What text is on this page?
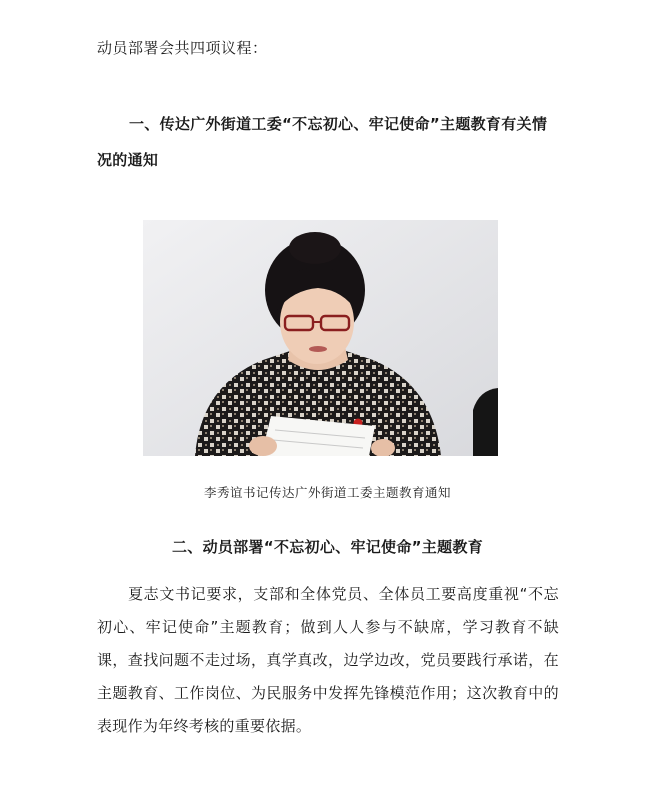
动员部署会共四项议程：
一、传达广外街道工委“不忘初心、牢记使命”主题教育有关情况的通知
李秀谊书记传达广外街道工委主题教育通知
二、动员部署“不忘初心、牢记使命”主题教育
夏志文书记要求，支部和全体党员、全体员工要高度重视“不忘初心、牢记使命”主题教育；做到人人参与不缺席，学习教育不缺课，查找问题不走过场，真学真改，边学边改，党员要践行承诺，在主题教育、工作岗位、为民服务中发挥先锋模范作用；这次教育中的表现作为年终考核的重要依据。
